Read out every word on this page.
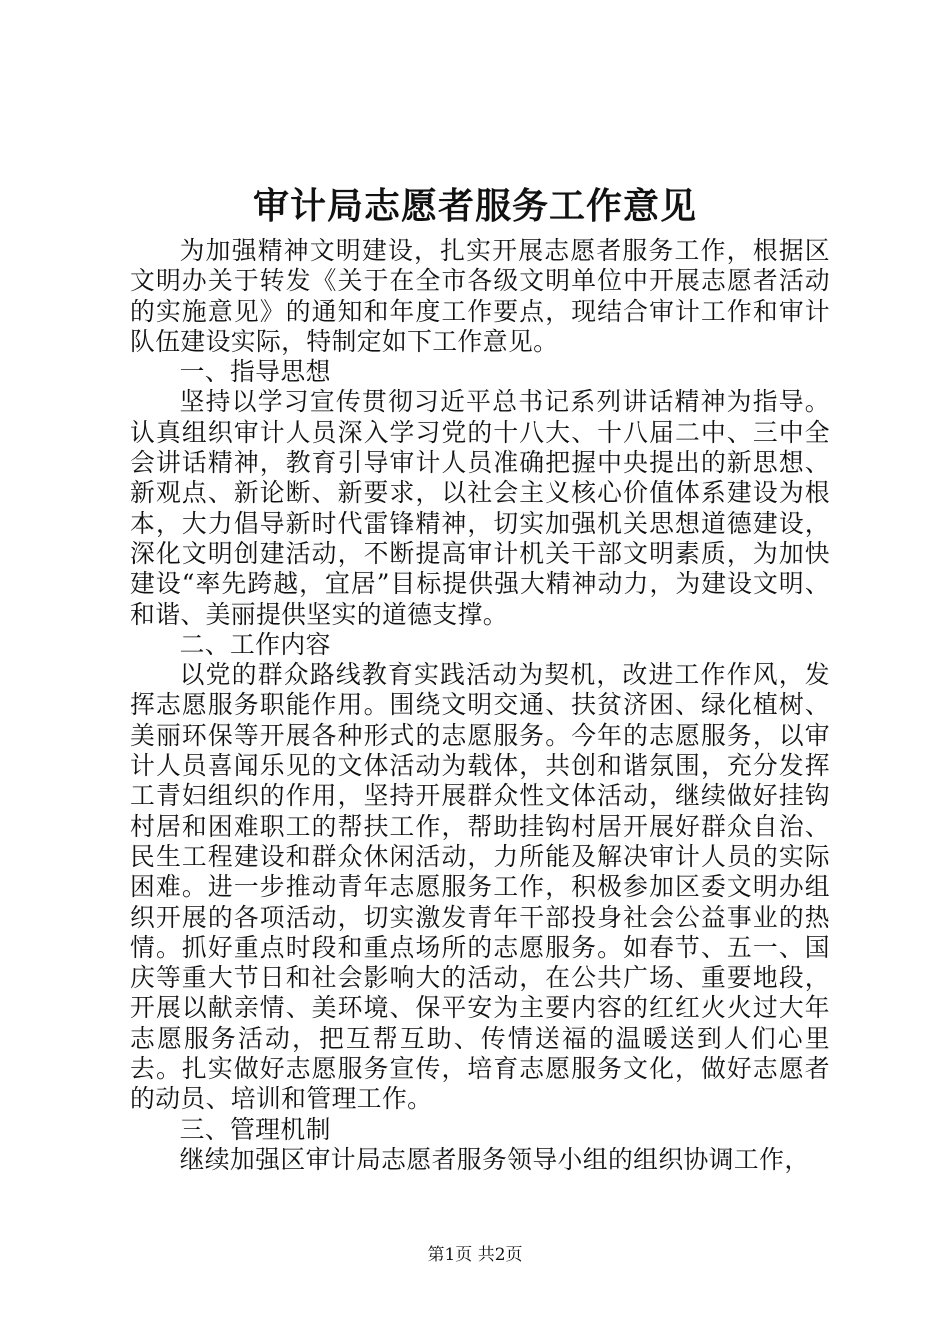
审计局志愿者服务工作意见

为加强精神文明建设，扎实开展志愿者服务工作，根据区文明办关于转发《关于在全市各级文明单位中开展志愿者活动的实施意见》的通知和年度工作要点，现结合审计工作和审计队伍建设实际，特制定如下工作意见。

一、指导思想

坚持以学习宣传贯彻习近平总书记系列讲话精神为指导。认真组织审计人员深入学习党的十八大、十八届二中、三中全会讲话精神，教育引导审计人员准确把握中央提出的新思想、新观点、新论断、新要求，以社会主义核心价值体系建设为根本，大力倡导新时代雷锋精神，切实加强机关思想道德建设，深化文明创建活动，不断提高审计机关干部文明素质，为加快建设“率先跨越，宜居”目标提供强大精神动力，为建设文明、和谐、美丽提供坚实的道德支撑。

二、工作内容

以党的群众路线教育实践活动为契机，改进工作作风，发挥志愿服务职能作用。围绕文明交通、扶贫济困、绿化植树、美丽环保等开展各种形式的志愿服务。今年的志愿服务，以审计人员喜闻乐见的文体活动为载体，共创和谐氛围，充分发挥工青妇组织的作用，坚持开展群众性文体活动，继续做好挂钩村居和困难职工的帮扶工作，帮助挂钩村居开展好群众自治、民生工程建设和群众休闲活动，力所能及解决审计人员的实际困难。进一步推动青年志愿服务工作，积极参加区委文明办组织开展的各项活动，切实激发青年干部投身社会公益事业的热情。抓好重点时段和重点场所的志愿服务。如春节、五一、国庆等重大节日和社会影响大的活动，在公共广场、重要地段，开展以献亲情、美环境、保平安为主要内容的红红火火过大年志愿服务活动，把互帮互助、传情送福的温暖送到人们心里去。扎实做好志愿服务宣传，培育志愿服务文化，做好志愿者的动员、培训和管理工作。

三、管理机制

继续加强区审计局志愿者服务领导小组的组织协调工作，

第1页 共2页
